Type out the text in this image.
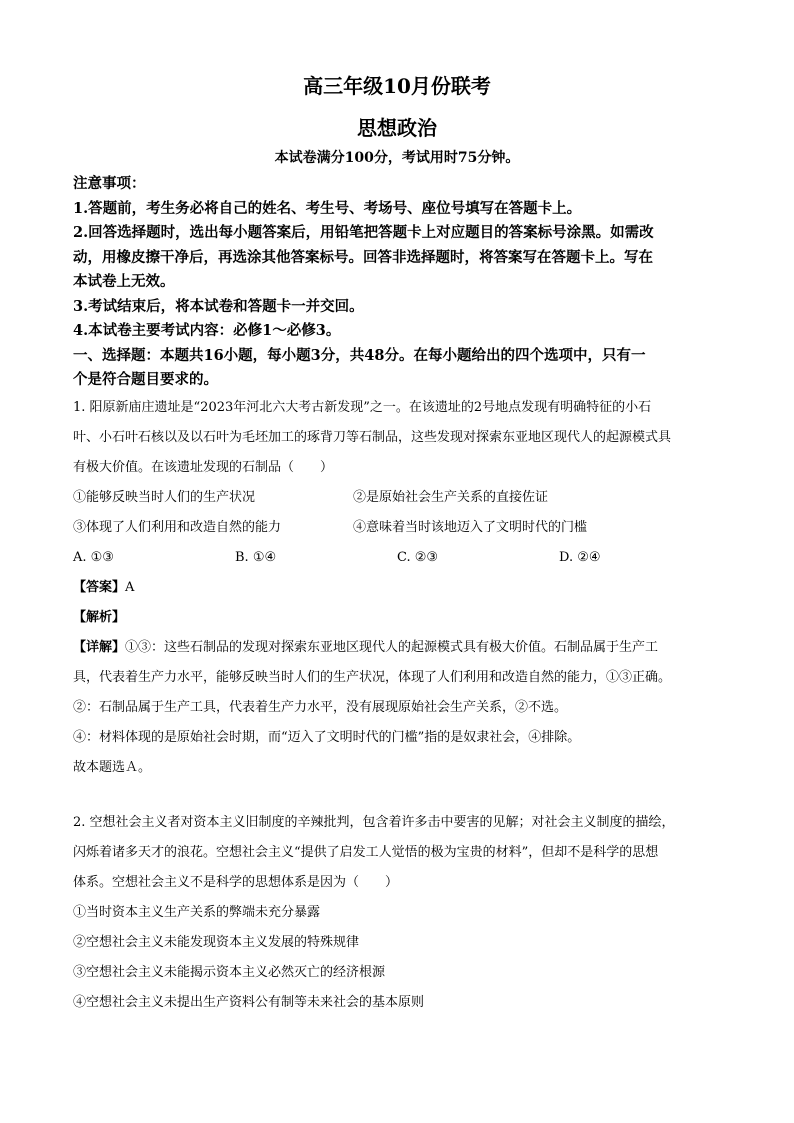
高三年级10月份联考
思想政治
本试卷满分100分，考试用时75分钟。

注意事项：

1.答题前，考生务必将自己的姓名、考生号、考场号、座位号填写在答题卡上。

2.回答选择题时，选出每小题答案后，用铅笔把答题卡上对应题目的答案标号涂黑。如需改

动，用橡皮擦干净后，再选涂其他答案标号。回答非选择题时，将答案写在答题卡上。写在

本试卷上无效。

3.考试结束后，将本试卷和答题卡一并交回。

4.本试卷主要考试内容：必修1～必修3。

一、选择题：本题共16小题，每小题3分，共48分。在每小题给出的四个选项中，只有一

个是符合题目要求的。

1. 阳原新庙庄遗址是“2023年河北六大考古新发现”之一。在该遗址的2号地点发现有明确特征的小石

叶、小石叶石核以及以石叶为毛坯加工的琢背刀等石制品，这些发现对探索东亚地区现代人的起源模式具

有极大价值。在该遗址发现的石制品（　　）

①能够反映当时人们的生产状况	②是原始社会生产关系的直接佐证
③体现了人们利用和改造自然的能力	④意味着当时该地迈入了文明时代的门槛
A. ①③	B. ①④	C. ②③	D. ②④

【答案】A

【解析】

【详解】①③：这些石制品的发现对探索东亚地区现代人的起源模式具有极大价值。石制品属于生产工

具，代表着生产力水平，能够反映当时人们的生产状况，体现了人们利用和改造自然的能力，①③正确。

②：石制品属于生产工具，代表着生产力水平，没有展现原始社会生产关系，②不选。

④：材料体现的是原始社会时期，而“迈入了文明时代的门槛”指的是奴隶社会，④排除。

故本题选Ａ。

2. 空想社会主义者对资本主义旧制度的辛辣批判，包含着许多击中要害的见解；对社会主义制度的描绘，

闪烁着诸多天才的浪花。空想社会主义“提供了启发工人觉悟的极为宝贵的材料”，但却不是科学的思想

体系。空想社会主义不是科学的思想体系是因为（　　）

①当时资本主义生产关系的弊端未充分暴露

②空想社会主义未能发现资本主义发展的特殊规律

③空想社会主义未能揭示资本主义必然灭亡的经济根源

④空想社会主义未提出生产资料公有制等未来社会的基本原则
